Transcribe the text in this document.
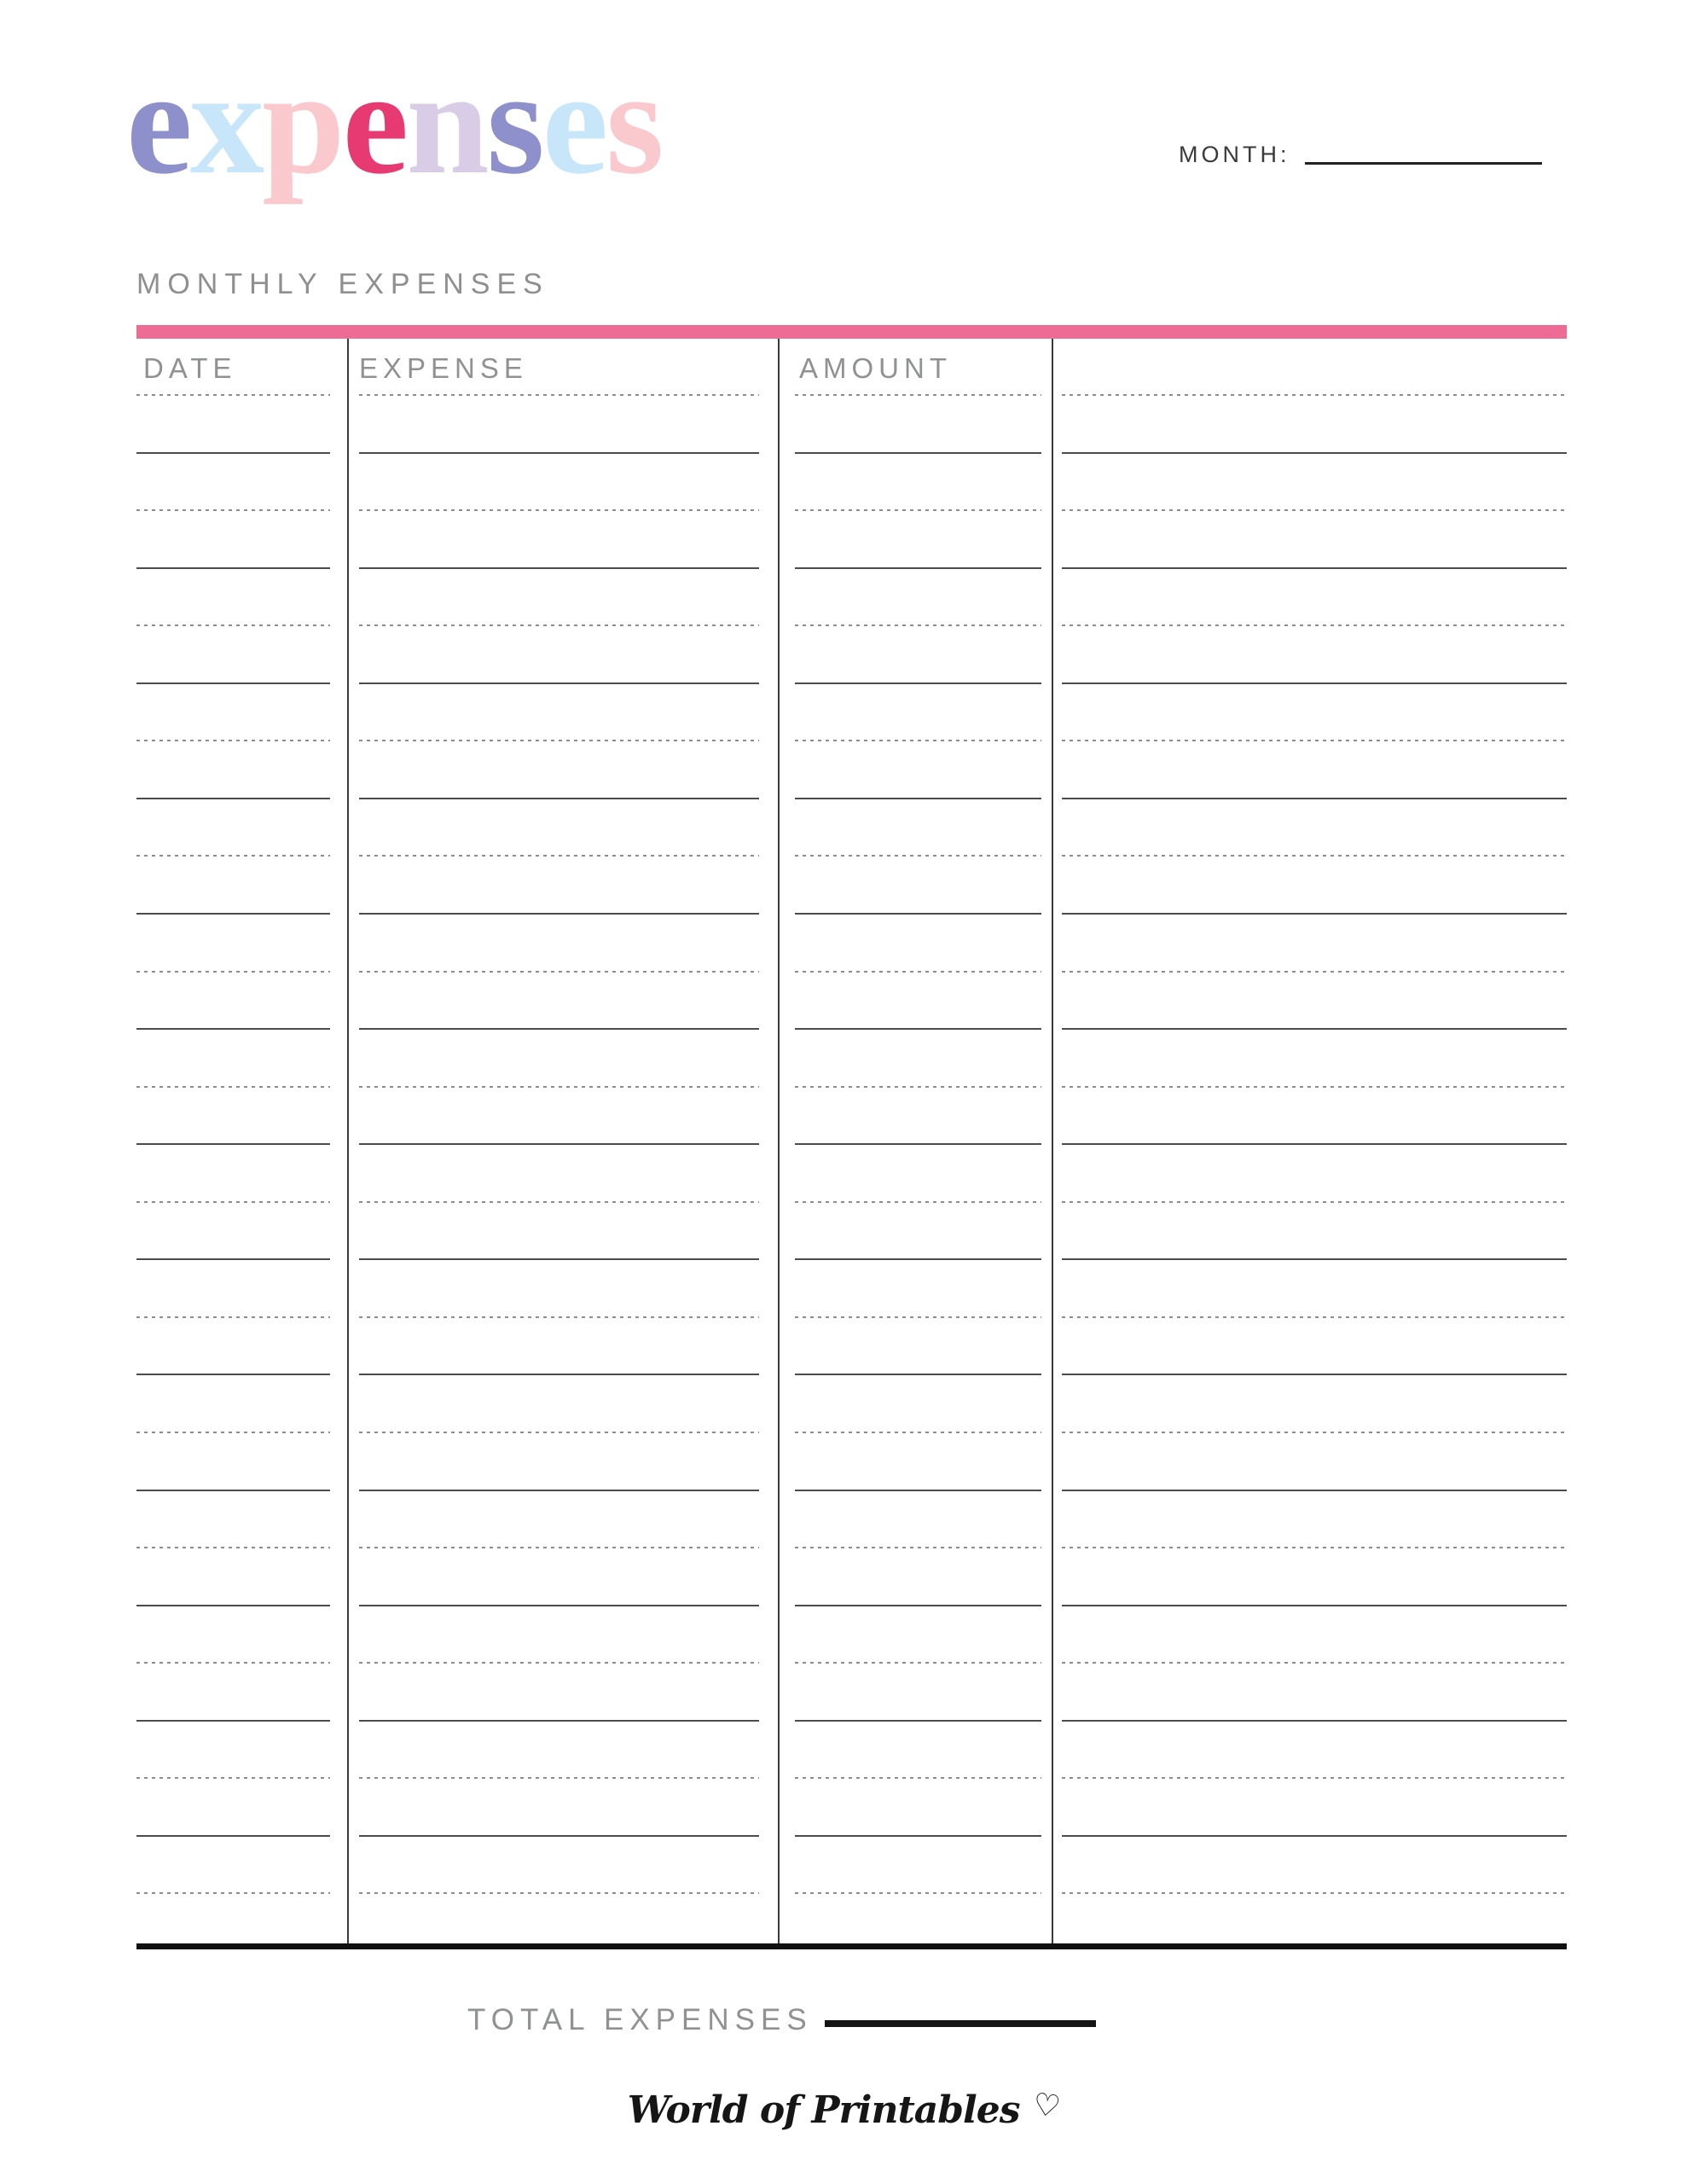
expenses	MONTH:
MONTHLY EXPENSES
DATE	EXPENSE	AMOUNT
TOTAL EXPENSES
World of Printables ♡
